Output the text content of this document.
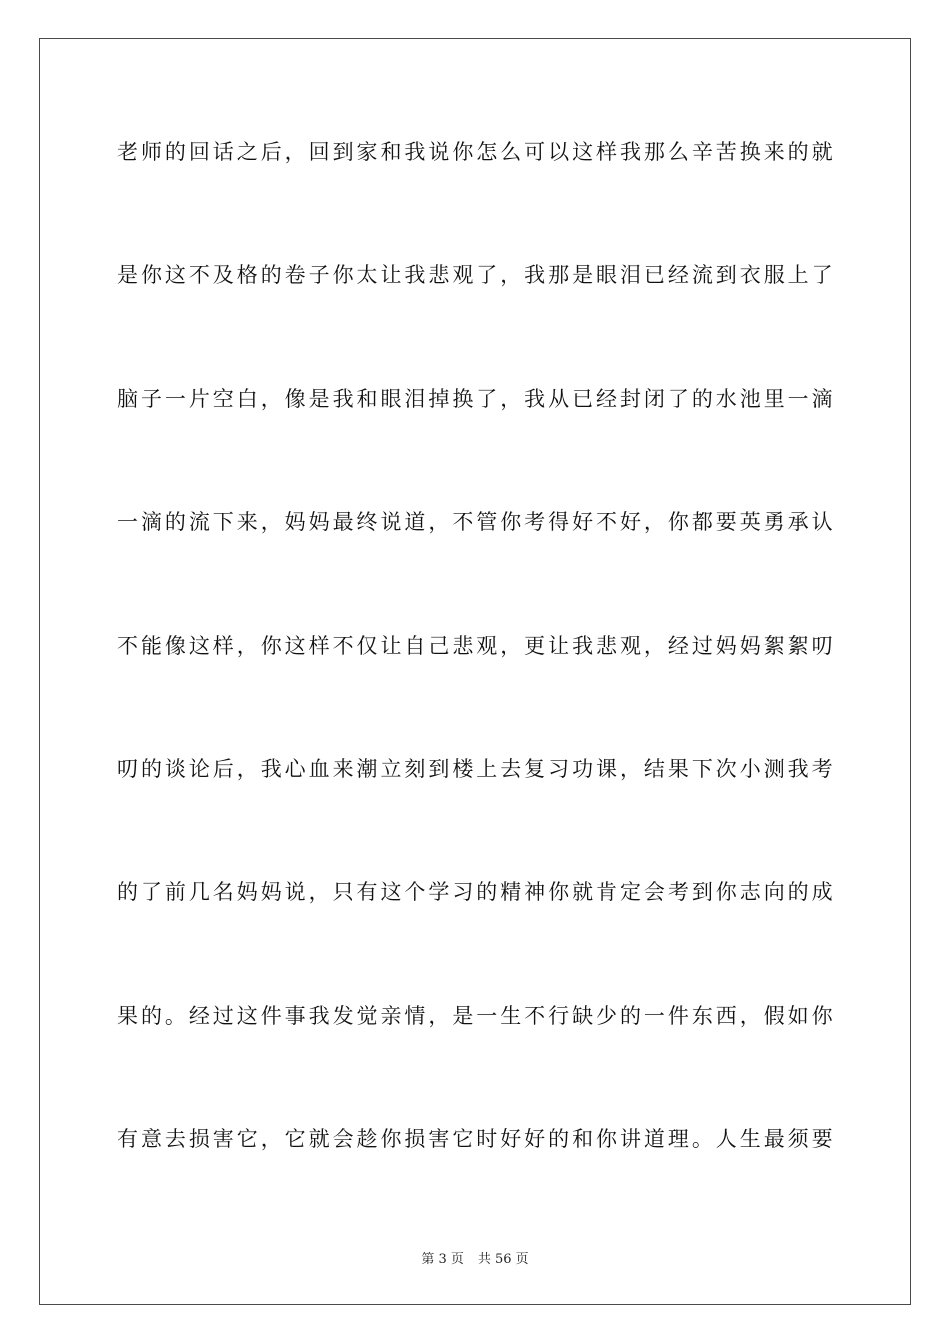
老师的回话之后，回到家和我说你怎么可以这样我那么辛苦换来的就
是你这不及格的卷子你太让我悲观了，我那是眼泪已经流到衣服上了
脑子一片空白，像是我和眼泪掉换了，我从已经封闭了的水池里一滴
一滴的流下来，妈妈最终说道，不管你考得好不好，你都要英勇承认
不能像这样，你这样不仅让自己悲观，更让我悲观，经过妈妈絮絮叨
叨的谈论后，我心血来潮立刻到楼上去复习功课，结果下次小测我考
的了前几名妈妈说，只有这个学习的精神你就肯定会考到你志向的成
果的。经过这件事我发觉亲情，是一生不行缺少的一件东西，假如你
有意去损害它，它就会趁你损害它时好好的和你讲道理。人生最须要
第 3 页 共 56 页
